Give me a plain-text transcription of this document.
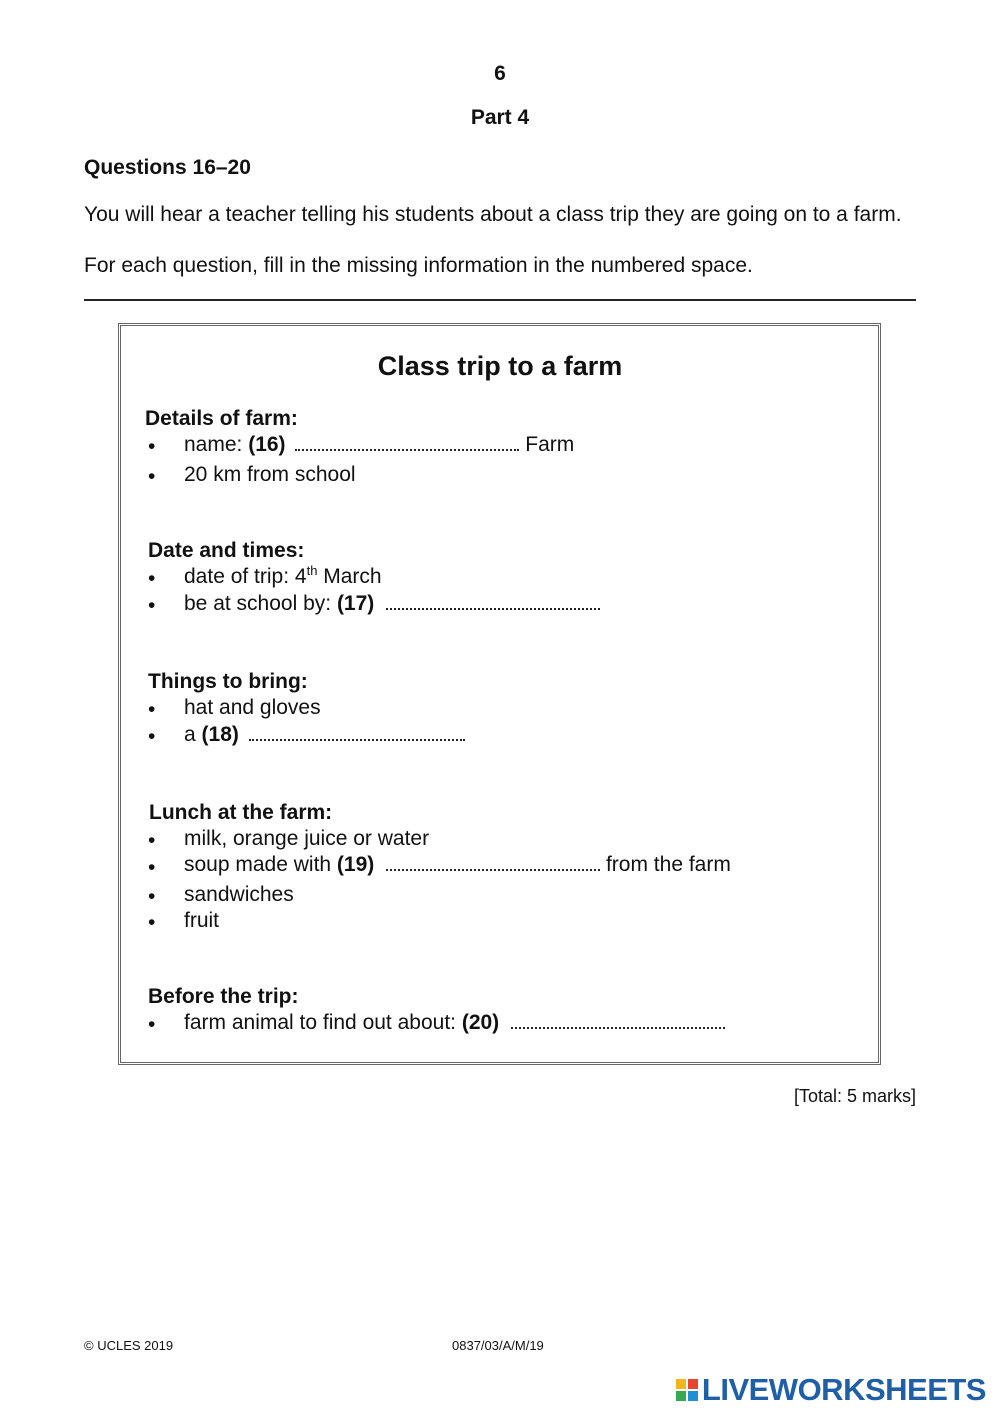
6
Part 4
Questions 16–20
You will hear a teacher telling his students about a class trip they are going on to a farm.
For each question, fill in the missing information in the numbered space.
Class trip to a farm
Details of farm:
• name: (16)	Farm
• 20 km from school
Date and times:
• date of trip: 4th March
• be at school by: (17)
Things to bring:
• hat and gloves
• a (18)
Lunch at the farm:
• milk, orange juice or water
• soup made with (19)	from the farm
• sandwiches
• fruit
Before the trip:
• farm animal to find out about: (20)
[Total: 5 marks]
© UCLES 2019	0837/03/A/M/19
LIVEWORKSHEETS
